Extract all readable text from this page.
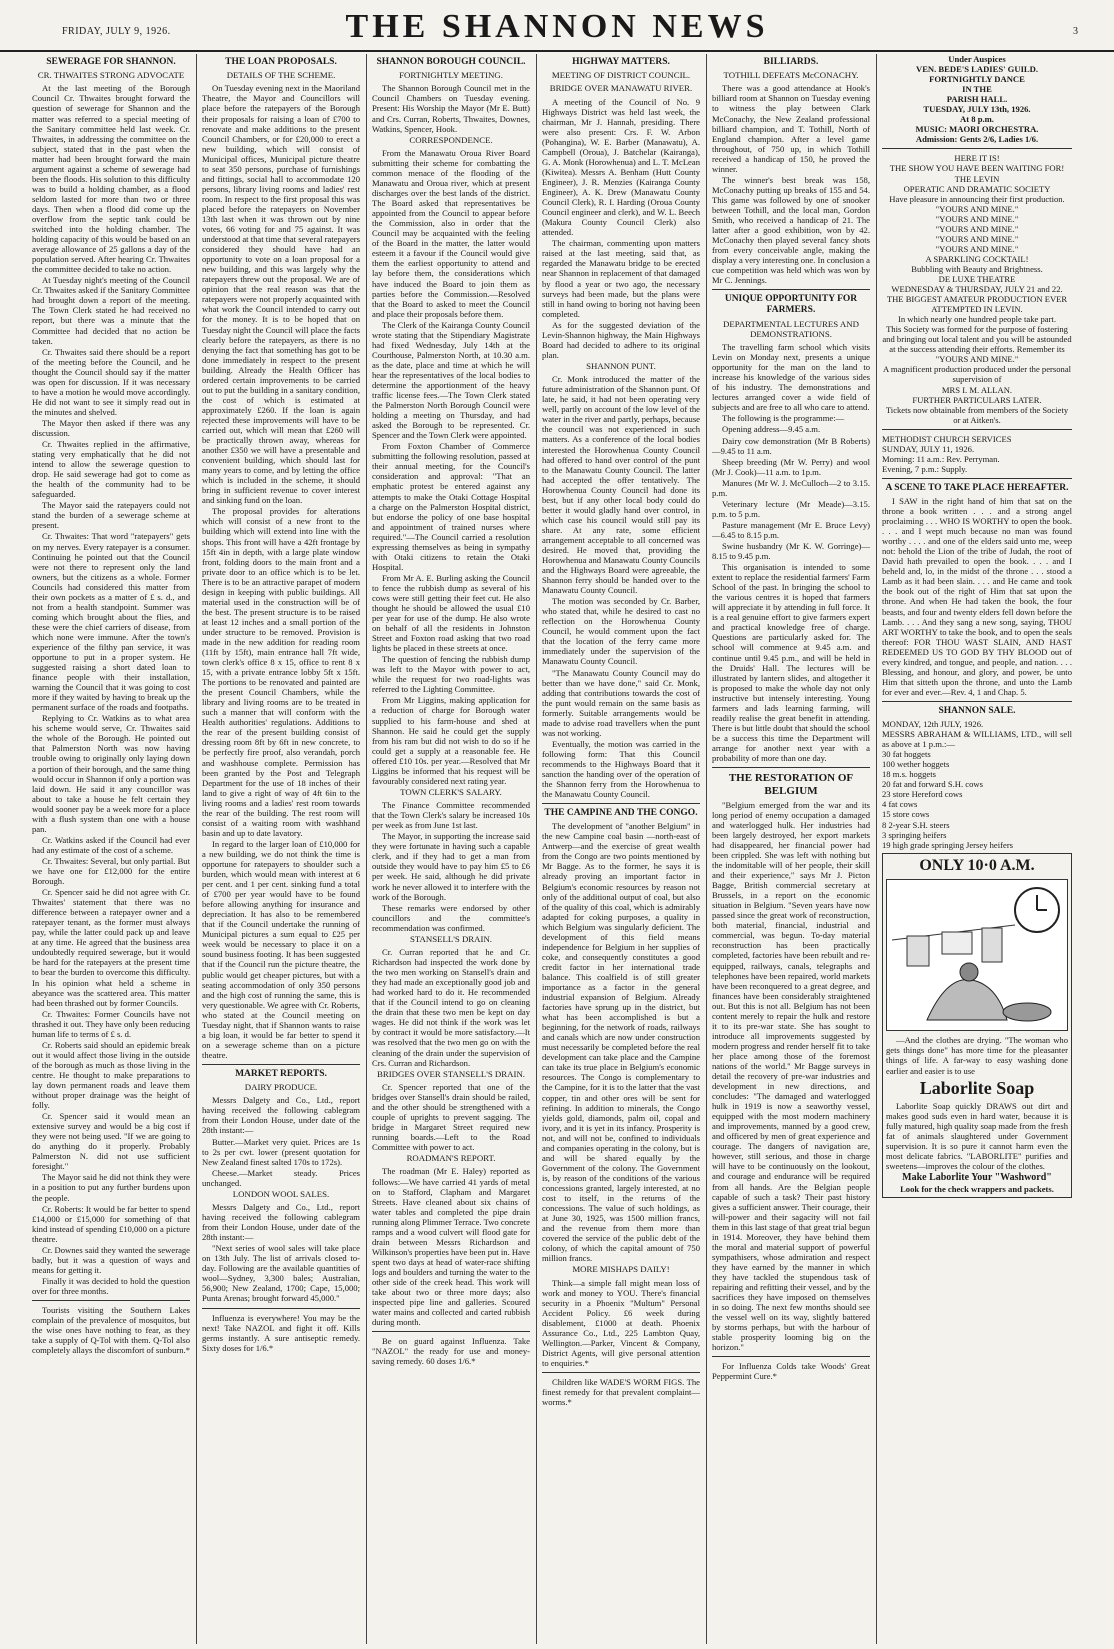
FRIDAY, JULY 9, 1926.	THE SHANNON NEWS	3
SEWERAGE FOR SHANNON.
CR. THWAITES STRONG ADVOCATE

At the last meeting of the Borough Council Cr. Thwaites brought forward the question of sewerage for Shannon and the matter was referred to a special meeting of the Sanitary committee held last week. Cr. Thwaites, in addressing the committee on the subject, stated that in the past when the matter had been brought forward the main argument against a scheme of sewerage had been the floods. His solution to this difficulty was to build a holding chamber, as a flood seldom lasted for more than two or three days. Then when a flood did come up the overflow from the septic tank could be switched into the holding chamber. The holding capacity of this would be based on an average allowance of 25 gallons a day of the population served. After hearing Cr. Thwaites the committee decided to take no action.

At Tuesday night's meeting of the Council Cr. Thwaites asked if the Sanitary Committee had brought down a report of the meeting. The Town Clerk stated he had received no report, but there was a minute that the Committee had decided that no action be taken.

Cr. Thwaites said there should be a report of the meeting before the Council, and he thought the Council should say if the matter was open for discussion. If it was necessary to have a motion he would move accordingly. He did not want to see it simply read out in the minutes and shelved.

The Mayor then asked if there was any discussion.

Cr. Thwaites replied in the affirmative, stating very emphatically that he did not intend to allow the sewerage question to drop. He said sewerage had got to come as the health of the community had to be safeguarded.

The Mayor said the ratepayers could not stand the burden of a sewerage scheme at present.

Cr. Thwaites: That word "ratepayers" gets on my nerves. Every ratepayer is a consumer. Continuing he pointed out that the Council were not there to represent only the land owners, but the citizens as a whole. Former Councils had considered this matter from their own pockets as a matter of £ s. d., and not from a health standpoint. Summer was coming which brought about the flies, and these were the chief carriers of disease, from which none were immune. After the town's experience of the filthy pan service, it was opportune to put in a proper system. He suggested raising a short dated loan to finance people with their installation, warning the Council that it was going to cost more if they waited by having to break up the permanent surface of the roads and footpaths.

Replying to Cr. Watkins as to what area his scheme would serve, Cr. Thwaites said the whole of the Borough. He pointed out that Palmerston North was now having trouble owing to originally only laying down a portion of their borough, and the same thing would occur in Shannon if only a portion was laid down. He said it any councillor was about to take a house he felt certain they would sooner pay be a week more for a place with a flush system than one with a house pan.

Cr. Watkins asked if the Council had ever had any estimate of the cost of a scheme.

Cr. Thwaites: Several, but only partial. But we have one for £12,000 for the entire Borough.

Cr. Spencer said he did not agree with Cr. Thwaites' statement that there was no difference between a ratepayer owner and a ratepayer tenant, as the former must always pay, while the latter could pack up and leave at any time. He agreed that the business area undoubtedly required sewerage, but it would be hard for the ratepayers at the present time to bear the burden to overcome this difficulty. In his opinion what held a scheme in abeyance was the scattered area. This matter had been thrashed out by former Councils.

Cr. Thwaites: Former Councils have not thrashed it out. They have only been reducing human life to terms of £ s. d.

Cr. Roberts said should an epidemic break out it would affect those living in the outside of the borough as much as those living in the centre. He thought to make preparations to lay down permanent roads and leave them without proper drainage was the height of folly.

Cr. Spencer said it would mean an extensive survey and would be a big cost if they were not being used. "If we are going to do anything do it properly. Probably Palmerston N. did not use sufficient foresight."

The Mayor said he did not think they were in a position to put any further burdens upon the people.

Cr. Roberts: It would be far better to spend £14,000 or £15,000 for something of that kind instead of spending £10,000 on a picture theatre.

Cr. Downes said they wanted the sewerage badly, but it was a question of ways and means for getting it.

Finally it was decided to hold the question over for three months.

Tourists visiting the Southern Lakes complain of the prevalence of mosquitos, but the wise ones have nothing to fear, as they take a supply of Q-Tol with them. Q-Tol also completely allays the discomfort of sunburn.*

THE LOAN PROPOSALS.
DETAILS OF THE SCHEME.

On Tuesday evening next in the Maoriland Theatre, the Mayor and Councillors will place before the ratepayers of the Borough their proposals for raising a loan of £700 to renovate and make additions to the present Council Chambers, or for £20,000 to erect a new building, which will consist of Municipal offices, Municipal picture theatre to seat 350 persons, purchase of furnishings and fittings, social hall to accommodate 120 persons, library living rooms and ladies' rest room. In respect to the first proposal this was placed before the ratepayers on November 13th last when it was thrown out by nine votes, 66 voting for and 75 against. It was understood at that time that several ratepayers considered they should have had an opportunity to vote on a loan proposal for a new building, and this was largely why the ratepayers threw out the proposal. We are of opinion that the real reason was that the ratepayers were not properly acquainted with what work the Council intended to carry out for the money. It is to be hoped that on Tuesday night the Council will place the facts clearly before the ratepayers, as there is no denying the fact that something has got to be done immediately in respect to the present building. Already the Health Officer has ordered certain improvements to be carried out to put the building in a sanitary condition, the cost of which is estimated at approximately £260. If the loan is again rejected these improvements will have to be carried out, which will mean that £260 will be practically thrown away, whereas for another £350 we will have a presentable and convenient building, which should last for many years to come, and by letting the office which is included in the scheme, it should bring in sufficient revenue to cover interest and sinking fund on the loan.

The proposal provides for alterations which will consist of a new front to the building which will extend into line with the shops. This front will have a 42ft frontage by 15ft 4in in depth, with a large plate window front, folding doors to the main front and a private door to an office which is to be let. There is to be an attractive parapet of modern design in keeping with public buildings. All material used in the construction will be of the best. The present structure is to be raised at least 12 inches and a small portion of the under structure to be removed. Provision is made in the new addition for reading room (11ft by 15ft), main entrance hall 7ft wide, town clerk's office 8 x 15, office to rent 8 x 15, with a private entrance lobby 5ft x 15ft. The portions to be renovated and painted are the present Council Chambers, while the library and living rooms are to be treated in such a manner that will conform with the Health authorities' regulations. Additions to the rear of the present building consist of dressing room 8ft by 6ft in new concrete, to be perfectly fire proof, also verandah, porch and washhouse complete. Permission has been granted by the Post and Telegraph Department for the use of 18 inches of their land to give a right of way of 4ft 6in to the living rooms and a ladies' rest room towards the rear of the building. The rest room will consist of a waiting room with washhand basin and up to date lavatory.

In regard to the larger loan of £10,000 for a new building, we do not think the time is opportune for ratepayers to shoulder such a burden, which would mean with interest at 6 per cent. and 1 per cent. sinking fund a total of £700 per year would have to be found before allowing anything for insurance and depreciation. It has also to be remembered that if the Council undertake the running of Municipal pictures a sum equal to £25 per week would be necessary to place it on a sound business footing. It has been suggested that if the Council run the picture theatre, the public would get cheaper pictures, but with a seating accommodation of only 350 persons and the high cost of running the same, this is very questionable. We agree with Cr. Roberts, who stated at the Council meeting on Tuesday night, that if Shannon wants to raise a big loan, it would be far better to spend it on a sewerage scheme than on a picture theatre.

MARKET REPORTS.
DAIRY PRODUCE.

Messrs Dalgety and Co., Ltd., report having received the following cablegram from their London House, under date of the 28th instant:—

Butter.—Market very quiet. Prices are 1s to 2s per cwt. lower (present quotation for New Zealand finest salted 170s to 172s).

Cheese.—Market steady. Prices unchanged.

LONDON WOOL SALES.

Messrs Dalgety and Co., Ltd., report having received the following cablegram from their London House, under date of the 28th instant:—

"Next series of wool sales will take place on 13th July. The list of arrivals closed to-day. Following are the available quantities of wool—Sydney, 3,300 bales; Australian, 56,900; New Zealand, 1700; Cape, 15,000; Punta Arenas; brought forward 45,000."

Influenza is everywhere! You may be the next! Take NAZOL and fight it off. Kills germs instantly. A sure antiseptic remedy. Sixty doses for 1/6.*

SHANNON BOROUGH COUNCIL.
FORTNIGHTLY MEETING.

The Shannon Borough Council met in the Council Chambers on Tuesday evening. Present: His Worship the Mayor (Mr E. Butt) and Crs. Curran, Roberts, Thwaites, Downes, Watkins, Spencer, Hook.

CORRESPONDENCE.

From the Manawatu Oroua River Board submitting their scheme for combatting the common menace of the flooding of the Manawatu and Oroua river, which at present discharges over the best lands of the district. The Board asked that representatives be appointed from the Council to appear before the Commission, also in order that the Council may be acquainted with the feeling of the Board in the matter, the latter would esteem it a favour if the Council would give them the earliest opportunity to attend and lay before them, the considerations which have induced the Board to join them as parties before the Commission.—Resolved that the Board to asked to meet the Council and place their proposals before them.

The Clerk of the Kairanga County Council wrote stating that the Stipendiary Magistrate had fixed Wednesday, July 14th at the Courthouse, Palmerston North, at 10.30 a.m. as the date, place and time at which he will hear the representatives of the local bodies to determine the apportionment of the heavy traffic license fees.—The Town Clerk stated the Palmerston North Borough Council were holding a meeting on Thursday, and had asked the Borough to be represented. Cr. Spencer and the Town Clerk were appointed.

From Foxton Chamber of Commerce submitting the following resolution, passed at their annual meeting, for the Council's consideration and approval: "That an emphatic protest be entered against any attempts to make the Otaki Cottage Hospital a charge on the Palmerston Hospital district, but endorse the policy of one base hospital and appointment of trained nurses where required."—The Council carried a resolution expressing themselves as being in sympathy with Otaki citizens to retain the Otaki Hospital.

From Mr A. E. Burling asking the Council to fence the rubbish dump as several of his cows were still getting their feet cut. He also thought he should be allowed the usual £10 per year for use of the dump. He also wrote on behalf of all the residents in Johnston Street and Foxton road asking that two road lights be placed in these streets at once.

The question of fencing the rubbish dump was left to the Mayor with power to act, while the request for two road-lights was referred to the Lighting Committee.

From Mr Liggins, making application for a reduction of charge for Borough water supplied to his farm-house and shed at Shannon. He said he could get the supply from his ram but did not wish to do so if he could get a supply at a reasonable fee. He offered £10 10s. per year.—Resolved that Mr Liggins be informed that his request will be favourably considered next rating year.

TOWN CLERK'S SALARY.

The Finance Committee recommended that the Town Clerk's salary be increased 10s per week as from June 1st last.

The Mayor, in supporting the increase said they were fortunate in having such a capable clerk, and if they had to get a man from outside they would have to pay him £5 to £6 per week. He said, although he did private work he never allowed it to interfere with the work of the Borough.

These remarks were endorsed by other councillors and the committee's recommendation was confirmed.

STANSELL'S DRAIN.

Cr. Curran reported that he and Cr. Richardson had inspected the work done by the two men working on Stansell's drain and they had made an exceptionally good job and had worked hard to do it. He recommended that if the Council intend to go on cleaning the drain that these two men be kept on day wages. He did not think if the work was let by contract it would be more satisfactory.—It was resolved that the two men go on with the cleaning of the drain under the supervision of Crs. Curran and Richardson.

BRIDGES OVER STANSELL'S DRAIN.

Cr. Spencer reported that one of the bridges over Stansell's drain should be railed, and the other should be strengthened with a couple of uprights to prevent sagging. The bridge in Margaret Street required new running boards.—Left to the Road Committee with power to act.

ROADMAN'S REPORT.

The roadman (Mr E. Haley) reported as follows:—We have carried 41 yards of metal on to Stafford, Clapham and Margaret Streets. Have cleaned about six chains of water tables and completed the pipe drain running along Plimmer Terrace. Two concrete ramps and a wood culvert will flood gate for drain between Messrs Richardson and Wilkinson's properties have been put in. Have spent two days at head of water-race shifting logs and boulders and turning the water to the other side of the creek head. This work will take about two or three more days; also inspected pipe line and galleries. Scoured water mains and collected and carted rubbish during month.

Be on guard against Influenza. Take "NAZOL" the ready for use and money-saving remedy. 60 doses 1/6.*

HIGHWAY MATTERS.
MEETING OF DISTRICT COUNCIL.
BRIDGE OVER MANAWATU RIVER.

A meeting of the Council of No. 9 Highways District was held last week, the chairman, Mr J. Hannah, presiding. There were also present: Crs. F. W. Arbon (Pohangina), W. E. Barber (Manawatu), A. Campbell (Oroua), J. Batchelar (Kairanga), G. A. Monk (Horowhenua) and L. T. McLean (Kiwitea). Messrs A. Benham (Hutt County Engineer), J. R. Menzies (Kairanga County Engineer), A. K. Drew (Manawatu County Council Clerk), R. I. Harding (Oroua County Council engineer and clerk), and W. L. Beech (Makura County Council Clerk) also attended.

The chairman, commenting upon matters raised at the last meeting, said that, as regarded the Manawatu bridge to be erected near Shannon in replacement of that damaged by flood a year or two ago, the necessary surveys had been made, but the plans were still in hand owing to boring not having been completed.

As for the suggested deviation of the Levin-Shannon highway, the Main Highways Board had decided to adhere to its original plan.

SHANNON PUNT.

Cr. Monk introduced the matter of the future administration of the Shannon punt. Of late, he said, it had not been operating very well, partly on account of the low level of the water in the river and partly, perhaps, because the council was not experienced in such matters. As a conference of the local bodies interested the Horowhenua County Council had offered to hand over control of the punt to the Manawatu County Council. The latter had accepted the offer tentatively. The Horowhenua County Council had done its best, but if any other local body could do better it would gladly hand over control, in which case his council would still pay its share. At any rate, some efficient arrangement acceptable to all concerned was desired. He moved that, providing the Horowhenua and Manawatu County Councils and the Highways Board were agreeable, the Shannon ferry should be handed over to the Manawatu County Council.

The motion was seconded by Cr. Barber, who stated that, while he desired to cast no reflection on the Horowhenua County Council, he would comment upon the fact that the location of the ferry came more immediately under the supervision of the Manawatu County Council.

"The Manawatu County Council may do better than we have done," said Cr. Monk, adding that contributions towards the cost of the punt would remain on the same basis as formerly. Suitable arrangements would be made to advise road travellers when the punt was not working.

Eventually, the motion was carried in the following form: That this Council recommends to the Highways Board that it sanction the handing over of the operation of the Shannon ferry from the Horowhenua to the Manawatu County Council.

THE CAMPINE AND THE CONGO.

The development of "another Belgium" in the new Campine coal basin —north-east of Antwerp—and the exercise of great wealth from the Congo are two points mentioned by Mr Bagge. As to the former, he says it is already proving an important factor in Belgium's economic resources by reason not only of the additional output of coal, but also of the quality of this coal, which is admirably adapted for coking purposes, a quality in which Belgium was singularly deficient. The development of this field means independence for Belgium in her supplies of coke, and consequently constitutes a good credit factor in her international trade balance. This coalfield is of still greater importance as a factor in the general industrial expansion of Belgium. Already factories have sprung up in the district, but what has been accomplished is but a beginning, for the network of roads, railways and canals which are now under construction must necessarily be completed before the real development can take place and the Campine can take its true place in Belgium's economic resources. The Congo is complementary to the Campine, for it is to the latter that the vast copper, tin and other ores will be sent for refining. In addition to minerals, the Congo yields gold, diamonds, palm oil, copal and ivory, and it is yet in its infancy. Prosperity is not, and will not be, confined to individuals and companies operating in the colony, but is and will be shared equally by the Government of the colony. The Government is, by reason of the conditions of the various concessions granted, largely interested, at no cost to itself, in the returns of the concessions. The value of such holdings, as at June 30, 1925, was 1500 million francs, and the revenue from them more than covered the service of the public debt of the colony, of which the capital amount of 750 million francs.

MORE MISHAPS DAILY!

Think—a simple fall might mean loss of work and money to YOU. There's financial security in a Phoenix "Multum" Personal Accident Policy. £6 week during disablement, £1000 at death. Phoenix Assurance Co., Ltd., 225 Lambton Quay, Wellington.—Parker, Vincent & Company, District Agents, will give personal attention to enquiries.*

Children like WADE'S WORM FIGS. The finest remedy for that prevalent complaint—worms.*

BILLIARDS.
TOTHILL DEFEATS McCONACHY.

There was a good attendance at Hook's billiard room at Shannon on Tuesday evening to witness the play between Clark McConachy, the New Zealand professional billiard champion, and T. Tothill, North of England champion. After a level game throughout, of 750 up, in which Tothill received a handicap of 150, he proved the winner.

The winner's best break was 158, McConachy putting up breaks of 155 and 54. This game was followed by one of snooker between Tothill, and the local man, Gordon Smith, who received a handicap of 21. The latter after a good exhibition, won by 42. McConachy then played several fancy shots from every conceivable angle, making the display a very interesting one. In conclusion a cue competition was held which was won by Mr C. Jennings.

UNIQUE OPPORTUNITY FOR FARMERS.
DEPARTMENTAL LECTURES AND DEMONSTRATIONS.

The travelling farm school which visits Levin on Monday next, presents a unique opportunity for the man on the land to increase his knowledge of the various sides of his industry. The demonstrations and lectures arranged cover a wide field of subjects and are free to all who care to attend.

The following is the programme:—

Opening address—9.45 a.m.

Dairy cow demonstration (Mr B Roberts)—9.45 to 11 a.m.

Sheep breeding (Mr W. Perry) and wool (Mr J. Cook)—11 a.m. to 1p.m.

Manures (Mr W. J. McCulloch—2 to 3.15. p.m.

Veterinary lecture (Mr Meade)—3.15. p.m. to 5 p.m.

Pasture management (Mr E. Bruce Levy)—6.45 to 8.15 p.m.

Swine husbandry (Mr K. W. Gorringe)—8.15 to 9.45 p.m.

This organisation is intended to some extent to replace the residential farmers' Farm School of the past. In bringing the school to the various centres it is hoped that farmers will appreciate it by attending in full force. It is a real genuine effort to give farmers expert and practical knowledge free of charge. Questions are particularly asked for. The school will commence at 9.45 a.m. and continue until 9.45 p.m., and will be held in the Druids' Hall. The lectures will be illustrated by lantern slides, and altogether it is proposed to make the whole day not only instructive but intensely interesting. Young farmers and lads learning farming, will readily realise the great benefit in attending. There is but little doubt that should the school be a success this time the Department will arrange for another next year with a probability of more than one day.

THE RESTORATION OF BELGIUM

"Belgium emerged from the war and its long period of enemy occupation a damaged and waterlogged hulk. Her industries had been largely destroyed, her export markets had disappeared, her financial power had been crippled. She was left with nothing but the indomitable will of her people, their skill and their experience," says Mr J. Picton Bagge, British commercial secretary at Brussels, in a report on the economic situation in Belgium. "Seven years have now passed since the great work of reconstruction, both material, financial, industrial and commercial, was begun. To-day material reconstruction has been practically completed, factories have been rebuilt and re-equipped, railways, canals, telegraphs and telephones have been repaired, world markets have been reconquered to a great degree, and finances have been considerably straightened out. But this is not all. Belgium has not been content merely to repair the hulk and restore it to its pre-war state. She has sought to introduce all improvements suggested by modern progress and render herself fit to take her place among those of the foremost nations of the world." Mr Bagge surveys in detail the recovery of pre-war industries and development in new directions, and concludes: "The damaged and waterlogged hulk in 1919 is now a seaworthy vessel, equipped with the most modern machinery and improvements, manned by a good crew, and officered by men of great experience and courage. The dangers of navigation are, however, still serious, and those in charge will have to be continuously on the lookout, and courage and endurance will be required from all hands. Are the Belgian people capable of such a task? Their past history gives a sufficient answer. Their courage, their will-power and their sagacity will not fail them in this last stage of that great trial begun in 1914. Moreover, they have behind them the moral and material support of powerful sympathisers, whose admiration and respect they have earned by the manner in which they have tackled the stupendous task of repairing and refitting their vessel, and by the sacrifices they have imposed on themselves in so doing. The next few months should see the vessel well on its way, slightly battered by storms perhaps, but with the harbour of stable prosperity looming big on the horizon."

For Influenza Colds take Woods' Great Peppermint Cure.*

Under Auspices
VEN. BEDE'S LADIES' GUILD.
FORTNIGHTLY DANCE
IN THE
PARISH HALL.
TUESDAY, JULY 13th, 1926.
At 8 p.m.
MUSIC: MAORI ORCHESTRA.
Admission: Gents 2/6, Ladies 1/6.
HERE IT IS!
THE SHOW YOU HAVE BEEN WAITING FOR!
THE LEVIN
OPERATIC AND DRAMATIC SOCIETY
Have pleasure in announcing their first production.
"YOURS AND MINE."
"YOURS AND MINE."
"YOURS AND MINE."
"YOURS AND MINE."
"YOURS AND MINE."
A SPARKLING COCKTAIL!
Bubbling with Beauty and Brightness.
DE LUXE THEATRE
WEDNESDAY & THURSDAY, JULY 21 and 22.
THE BIGGEST AMATEUR PRODUCTION EVER ATTEMPTED IN LEVIN.
In which nearly one hundred people take part.
This Society was formed for the purpose of fostering and bringing out local talent and you will be astounded at the success attending their efforts. Remember its
"YOURS AND MINE."
A magnificent production produced under the personal supervision of
MRS I. M. ALLAN.
FURTHER PARTICULARS LATER.
Tickets now obtainable from members of the Society or at Aitken's.
METHODIST CHURCH SERVICES
SUNDAY, JULY 11, 1926.
Morning: 11 a.m.: Rev. Perryman.
Evening, 7 p.m.: Supply.
A SCENE TO TAKE PLACE HEREAFTER.

I SAW in the right hand of him that sat on the throne a book written . . . and a strong angel proclaiming . . . WHO IS WORTHY to open the book. . . . and I wept much because no man was found worthy . . . . and one of the elders said unto me, weep not: behold the Lion of the tribe of Judah, the root of David hath prevailed to open the book. . . . and I beheld and, lo, in the midst of the throne . . . stood a Lamb as it had been slain. . . . and He came and took the book out of the right of Him that sat upon the throne. And when He had taken the book, the four beasts, and four and twenty elders fell down before the Lamb. . . . And they sang a new song, saying, THOU ART WORTHY to take the book, and to open the seals thereof: FOR THOU WAST SLAIN, AND HAST REDEEMED US TO GOD BY THY BLOOD out of every kindred, and tongue, and people, and nation. . . . Blessing, and honour, and glory, and power, be unto Him that sitteth upon the throne, and unto the Lamb for ever and ever.—Rev. 4, 1 and Chap. 5.

SHANNON SALE.
MONDAY, 12th JULY, 1926.
MESSRS ABRAHAM & WILLIAMS, LTD., will sell as above at 1 p.m.:—
30 fat hoggets
100 wether hoggets
18 m.s. hoggets
20 fat and forward S.H. cows
23 store Hereford cows
4 fat cows
15 store cows
8 2-year S.H. steers
3 springing heifers
19 high grade springing Jersey heifers
ONLY 10·0 A.M.

—And the clothes are drying. "The woman who gets things done" has more time for the pleasanter things of life. A far-way to easy washing done earlier and easier is to use

Laborlite Soap

Laborlite Soap quickly DRAWS out dirt and makes good suds even in hard water, because it is fully matured, high quality soap made from the fresh fat of animals slaughtered under Government supervision. It is so pure it cannot harm even the most delicate fabrics. "LABORLITE" purifies and sweetens—improves the colour of the clothes.

Make Laborlite Your "Washword"
Look for the check wrappers and packets.
